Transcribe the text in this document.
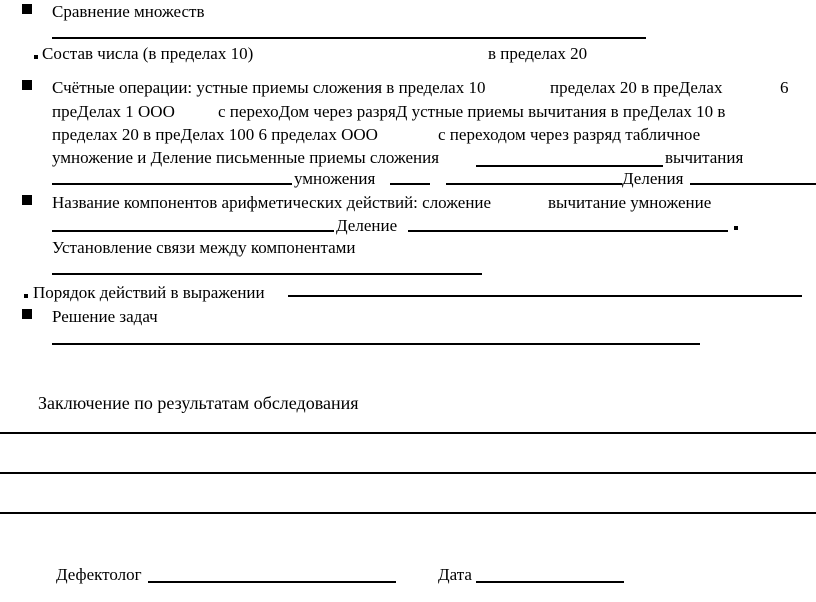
Сравнение множеств
Состав числа (в пределах 10)	в пределах 20
Счётные операции: устные приемы сложения в пределах 10	пределах 20 в преДелах	6
преДелах 1 ООО	с перехоДом через разряД устные приемы вычитания в преДелах 10 в
пределах 20 в преДелах 100 6 пределах ООО	с переходом через разряд табличное
умножение и Деление письменные приемы сложения	вычитания
умножения	Деления
Название компонентов арифметических действий: сложение	вычитание умножение
Деление
Установление связи между компонентами
Порядок действий в выражении
Решение задач
Заключение по результатам обследования
Дефектолог	Дата
